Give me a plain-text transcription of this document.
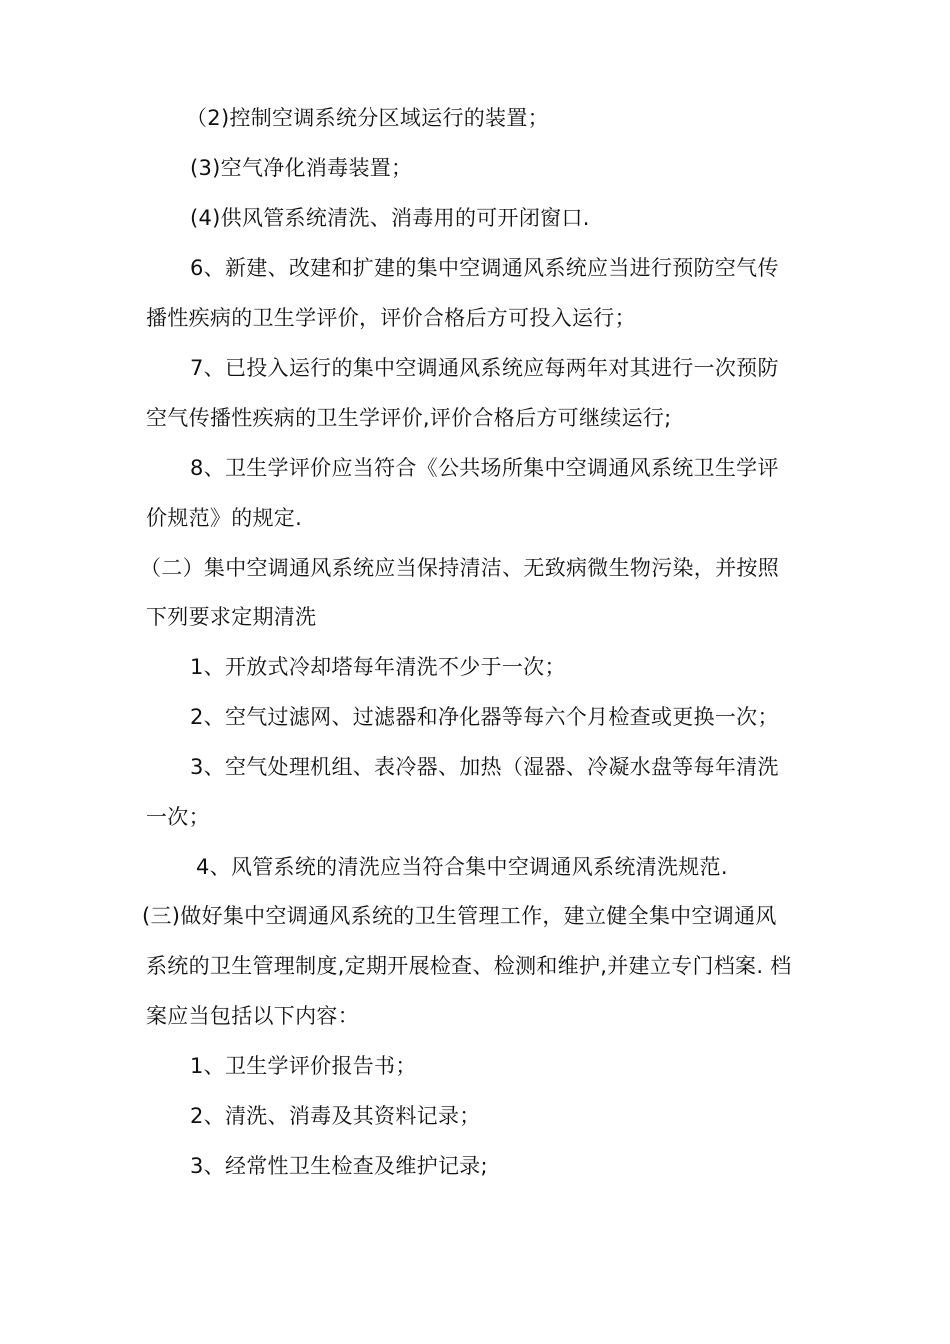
（2)控制空调系统分区域运行的装置；
(3)空气净化消毒装置；
(4)供风管系统清洗、消毒用的可开闭窗口.
6、新建、改建和扩建的集中空调通风系统应当进行预防空气传
播性疾病的卫生学评价，评价合格后方可投入运行；
7、已投入运行的集中空调通风系统应每两年对其进行一次预防
空气传播性疾病的卫生学评价,评价合格后方可继续运行;
8、卫生学评价应当符合《公共场所集中空调通风系统卫生学评
价规范》的规定.
（二）集中空调通风系统应当保持清洁、无致病微生物污染，并按照
下列要求定期清洗
1、开放式冷却塔每年清洗不少于一次；
2、空气过滤网、过滤器和净化器等每六个月检查或更换一次；
3、空气处理机组、表冷器、加热（湿器、冷凝水盘等每年清洗
一次；
4、风管系统的清洗应当符合集中空调通风系统清洗规范.
(三)做好集中空调通风系统的卫生管理工作，建立健全集中空调通风
系统的卫生管理制度,定期开展检查、检测和维护,并建立专门档案. 档
案应当包括以下内容：
1、卫生学评价报告书；
2、清洗、消毒及其资料记录；
3、经常性卫生检查及维护记录;
